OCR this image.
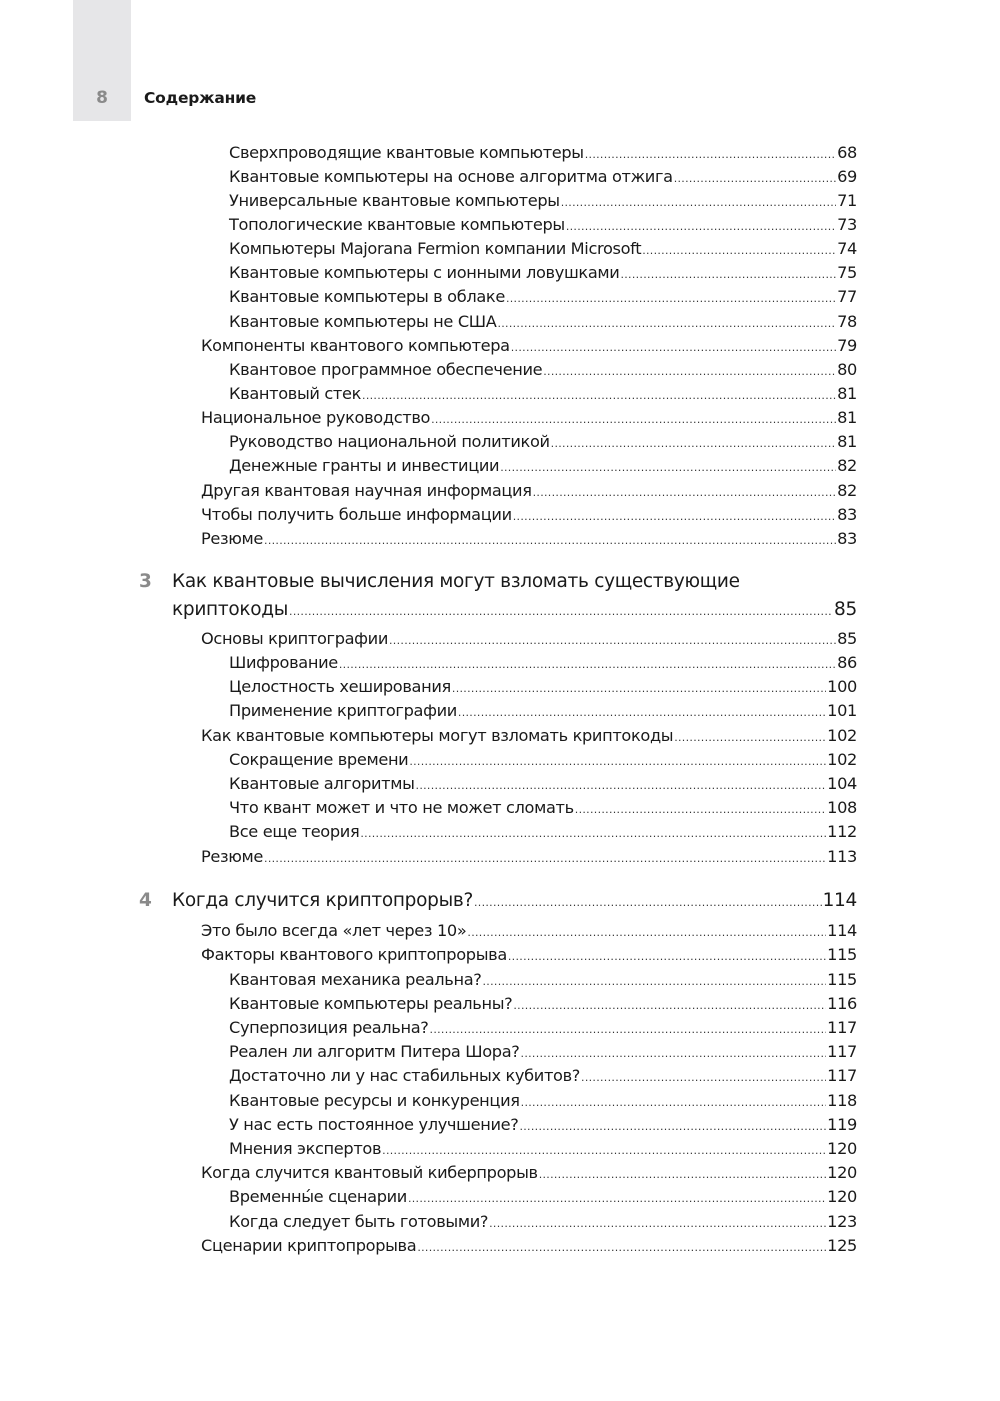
8	Содержание
Сверхпроводящие квантовые компьютеры .....	68
Квантовые компьютеры на основе алгоритма отжига .....	69
Универсальные квантовые компьютеры .....	71
Топологические квантовые компьютеры .....	73
Компьютеры Majorana Fermion компании Microsoft .....	74
Квантовые компьютеры с ионными ловушками .....	75
Квантовые компьютеры в облаке .....	77
Квантовые компьютеры не США .....	78
Компоненты квантового компьютера .....	79
Квантовое программное обеспечение .....	80
Квантовый стек .....	81
Национальное руководство .....	81
Руководство национальной политикой .....	81
Денежные гранты и инвестиции .....	82
Другая квантовая научная информация .....	82
Чтобы получить больше информации .....	83
Резюме .....	83
3 Как квантовые вычисления могут взломать существующие
криптокоды .....	85
Основы криптографии .....	85
Шифрование .....	86
Целостность хеширования .....	100
Применение криптографии .....	101
Как квантовые компьютеры могут взломать криптокоды .....	102
Сокращение времени .....	102
Квантовые алгоритмы .....	104
Что квант может и что не может сломать .....	108
Все еще теория .....	112
Резюме .....	113
4 Когда случится криптопрорыв? .....	114
Это было всегда «лет через 10» .....	114
Факторы квантового криптопрорыва .....	115
Квантовая механика реальна? .....	115
Квантовые компьютеры реальны? .....	116
Суперпозиция реальна? .....	117
Реален ли алгоритм Питера Шора? .....	117
Достаточно ли у нас стабильных кубитов? .....	117
Квантовые ресурсы и конкуренция .....	118
У нас есть постоянное улучшение? .....	119
Мнения экспертов .....	120
Когда случится квантовый киберпрорыв .....	120
Временны́е сценарии .....	120
Когда следует быть готовыми? .....	123
Сценарии криптопрорыва .....	125
